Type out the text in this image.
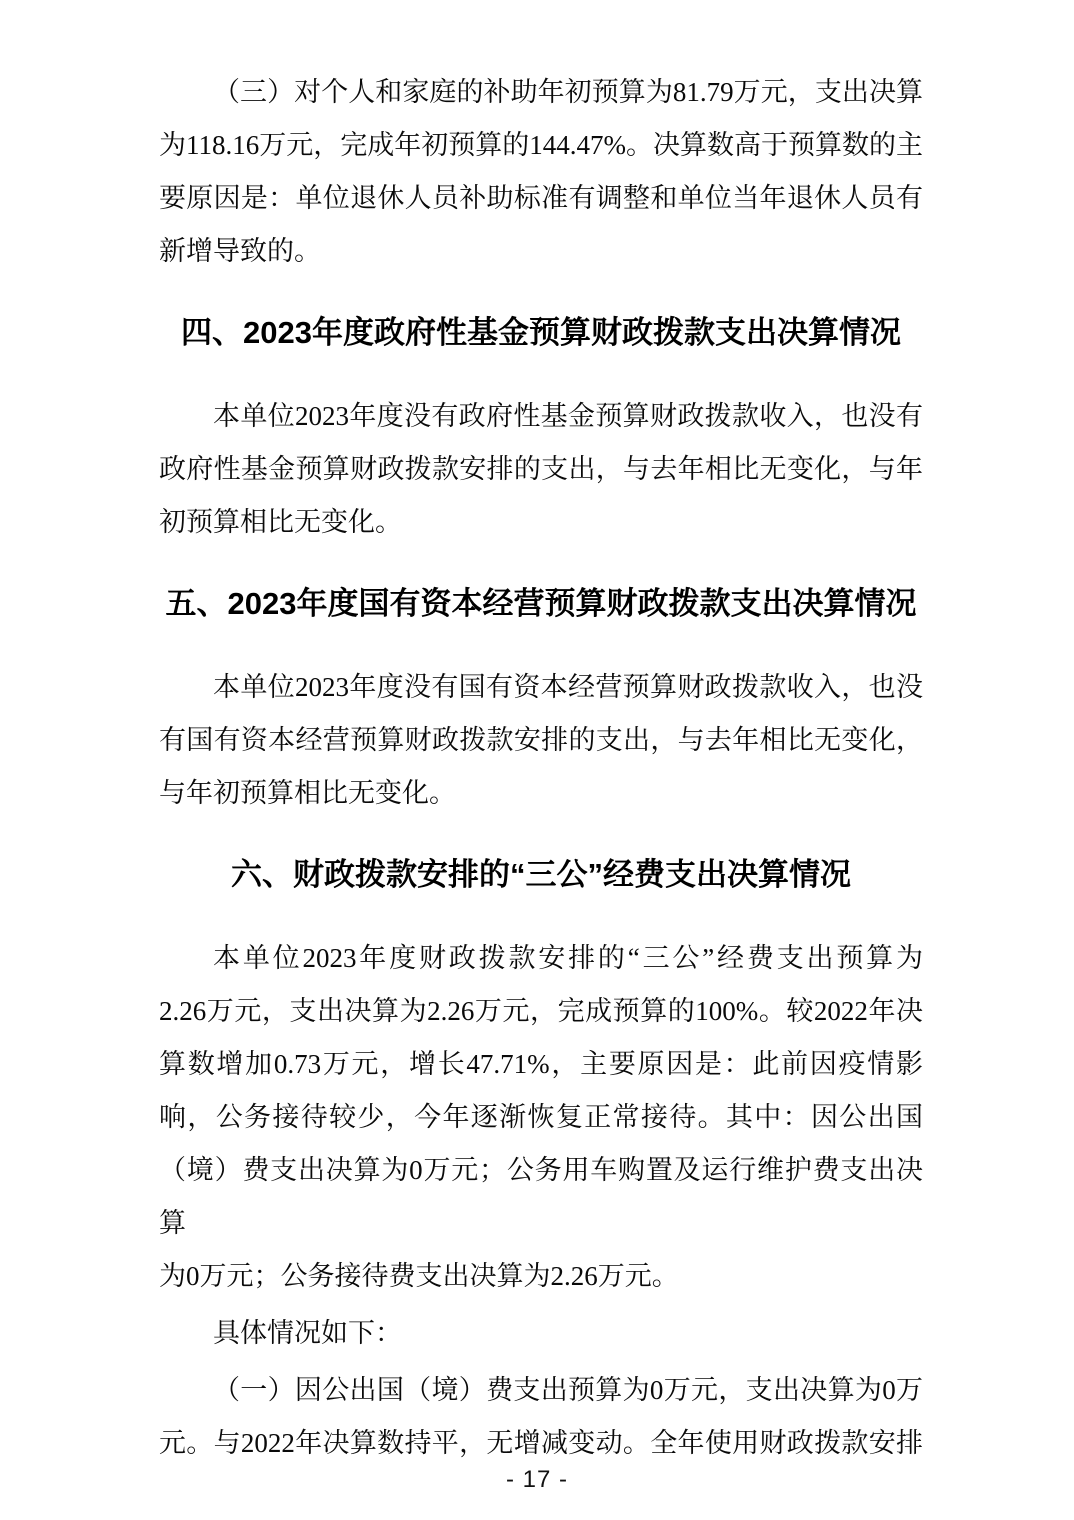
（三）对个人和家庭的补助年初预算为81.79万元，支出决算
为118.16万元，完成年初预算的144.47%。决算数高于预算数的主
要原因是：单位退休人员补助标准有调整和单位当年退休人员有
新增导致的。
四、2023年度政府性基金预算财政拨款支出决算情况
本单位2023年度没有政府性基金预算财政拨款收入，也没有
政府性基金预算财政拨款安排的支出，与去年相比无变化，与年
初预算相比无变化。
五、2023年度国有资本经营预算财政拨款支出决算情况
本单位2023年度没有国有资本经营预算财政拨款收入，也没
有国有资本经营预算财政拨款安排的支出，与去年相比无变化，
与年初预算相比无变化。
六、财政拨款安排的“三公”经费支出决算情况
本单位2023年度财政拨款安排的“三公”经费支出预算为
2.26万元，支出决算为2.26万元，完成预算的100%。较2022年决
算数增加0.73万元，增长47.71%，主要原因是：此前因疫情影
响，公务接待较少，今年逐渐恢复正常接待。其中：因公出国
（境）费支出决算为0万元；公务用车购置及运行维护费支出决算
为0万元；公务接待费支出决算为2.26万元。
具体情况如下：
（一）因公出国（境）费支出预算为0万元，支出决算为0万
元。与2022年决算数持平，无增减变动。全年使用财政拨款安排
- 17 -
